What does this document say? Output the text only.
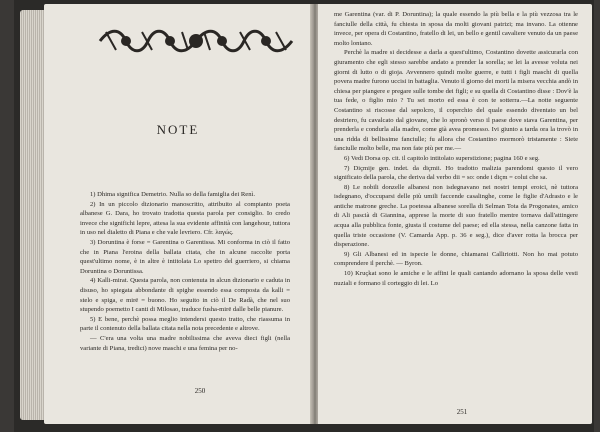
NOTE

1) Dhima significa Demetrio. Nulla so della famiglia dei Renì.

2) In un piccolo dizionario manoscritto, attribuito al compianto poeta albanese G. Dara, ho trovato tradotta questa parola per consiglio. Io credo invece che significhi lepre, attesa la sua evidente affinità con langehour, tuttora in uso nel dialetto di Piana e che vale levriero. Cfr. λαγώς.

3) Doruntina è forse = Garentina o Garentissa. Mi conforma in ciò il fatto che in Piana l'eroina della ballata citata, che in alcune raccolte porta quest'ultimo nome, è in altre è intitolata Lo spettro del guerriero, si chiama Doruntina o Doruntissa.

4) Kalli-mirat. Questa parola, non contenuta in alcun dizionario e caduta in disuso, ho spiegata abbondante di spighe essendo essa composta da kalli = stelo e spiga, e mirë = buono. Ho seguito in ciò il De Radà, che nel suo stupendo poemetto I canti di Milosao, traduce fusha-mirë dalle belle pianure.

5) E bene, perchè possa meglio intendersi questo tratto, che riassuma in parte il contenuto della ballata citata nella nota precedente e altrove.

— C'era una volta una madre nobilissima che aveva dieci figli (nella variante di Piana, tredici) nove maschi e una femina per no-

250

me Garentina (var. di P. Doruntina); la quale essendo la più bella e la più vezzosa tra le fanciulle della città, fu chiesta in sposa da molti giovani patrizi; ma invano. La ottenne invece, per opera di Costantino, fratello di lei, un bello e gentil cavaliere venuto da un paese molto lontano.

Perchè la madre si decidesse a darla a quest'ultimo, Costantino dovette assicurarla con giuramento che egli stesso sarebbe andato a prender la sorella; se lei la avesse voluta nei giorni di lutto o di gioja. Avvennero quindi molte guerre, e tutti i figli maschi di quella povera madre furono uccisi in battaglia. Venuto il giorno dei morti la misera vecchia andò in chiesa per piangere e pregare sulle tombe dei figli; e su quella di Costantino disse : Dov'è la tua fede, o figlio mio ? Tu sei morto ed essa è con te sotterra.—La notte seguente Costantino si riscosse dal sepolcro, il coperchio del quale essendo diventato un bel destriero, fu cavalcato dal giovane, che lo spronò verso il paese dove stava Garentina, per prenderla e condurla alla madre, come già avea promesso. Ivi giunto a tarda ora la trovò in una ridda di bellissime fanciulle; fu allora che Costantino mormorò tristamente : Siete fanciulle molto belle, ma non fate più per me.—

6) Vedi Dorsa op. cit. il capitolo intitolato superstizione; pagina 160 e seg.

7) Diçmije gen. indet. da diçmii. Ho tradotto malizia parendomi questo il vero significato della parola, che deriva dal verbo dii = so: onde i diçm = colui che sa.

8) Le nobili donzelle albanesi non isdegnavano nei nostri tempi eroici, nè tuttora isdegnano, d'occuparsi delle più umili faccende casalinghe, come le figlie d'Adrasto e le antiche matrone greche. La poetessa albanese sorella di Selman Tota da Progonates, amico di Ali pascià di Giannina, apprese la morte di suo fratello mentre tornava dall'attingere acqua alla pubblica fonte, giusta il costume del paese; ed ella stessa, nella canzone fatta in quella triste occasione (V. Camarda App. p. 36 e seg.), dice d'aver rotta la brocca per disperazione.

9) Gli Albanesi ed in ispecie le donne, chiamansi Calliriotti. Non ho mai potuto comprendere il perchè. — Byron.

10) Kruçkat sono le amiche e le affini le quali cantando adornano la sposa delle vesti nuziali e formano il corteggio di lei. Lo

251
